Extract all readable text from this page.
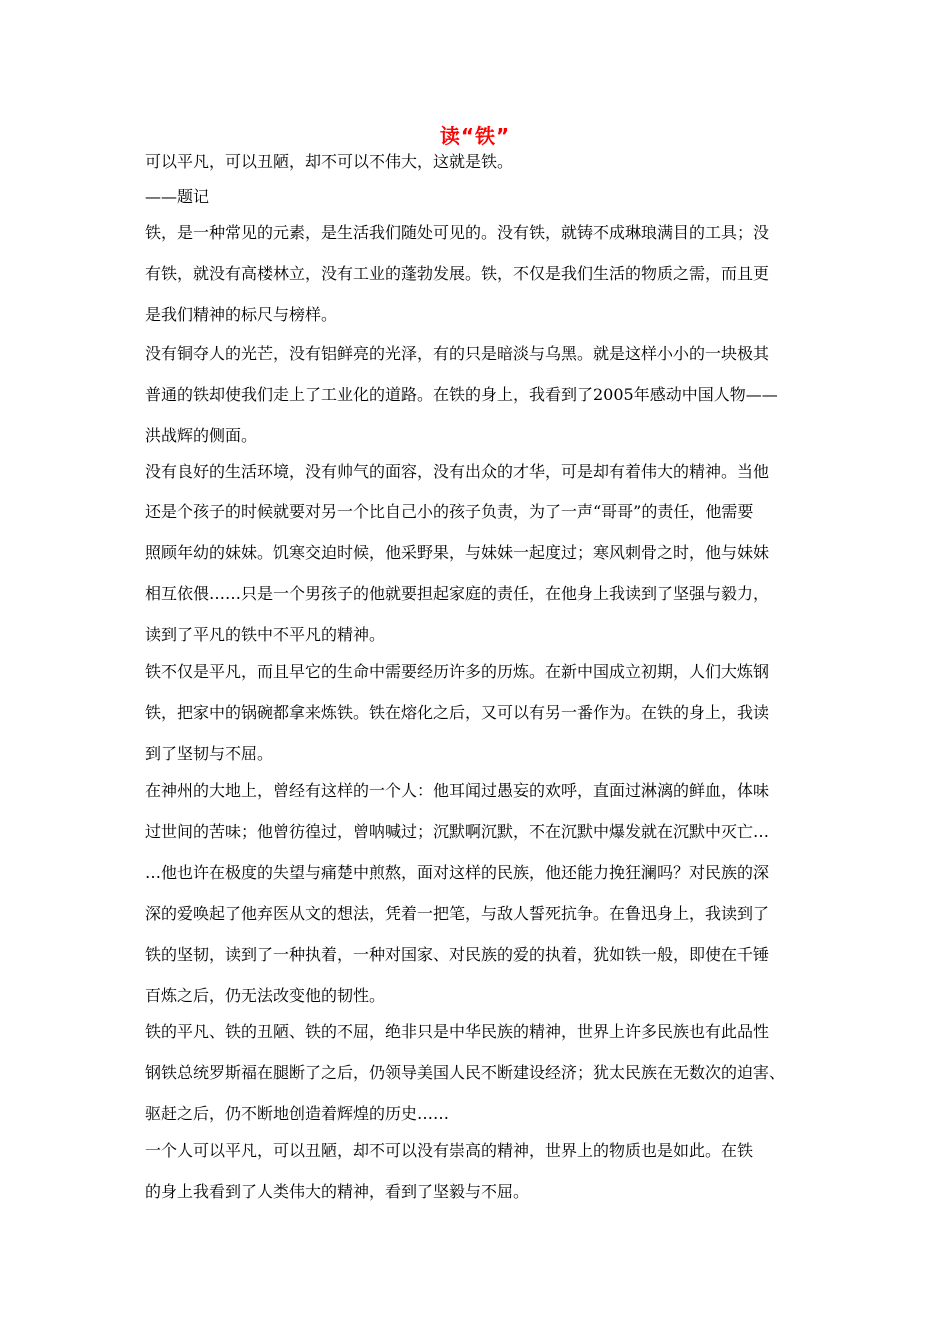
读“铁”
可以平凡，可以丑陋，却不可以不伟大，这就是铁。
——题记
铁，是一种常见的元素，是生活我们随处可见的。没有铁，就铸不成琳琅满目的工具；没
有铁，就没有高楼林立，没有工业的蓬勃发展。铁，不仅是我们生活的物质之需，而且更
是我们精神的标尺与榜样。
没有铜夺人的光芒，没有铝鲜亮的光泽，有的只是暗淡与乌黑。就是这样小小的一块极其
普通的铁却使我们走上了工业化的道路。在铁的身上，我看到了2005年感动中国人物——
洪战辉的侧面。
没有良好的生活环境，没有帅气的面容，没有出众的才华，可是却有着伟大的精神。当他
还是个孩子的时候就要对另一个比自己小的孩子负责，为了一声“哥哥”的责任，他需要
照顾年幼的妹妹。饥寒交迫时候，他采野果，与妹妹一起度过；寒风刺骨之时，他与妹妹
相互依偎……只是一个男孩子的他就要担起家庭的责任，在他身上我读到了坚强与毅力，
读到了平凡的铁中不平凡的精神。
铁不仅是平凡，而且早它的生命中需要经历许多的历炼。在新中国成立初期，人们大炼钢
铁，把家中的锅碗都拿来炼铁。铁在熔化之后，又可以有另一番作为。在铁的身上，我读
到了坚韧与不屈。
在神州的大地上，曾经有这样的一个人：他耳闻过愚妄的欢呼，直面过淋漓的鲜血，体味
过世间的苦味；他曾彷徨过，曾呐喊过；沉默啊沉默，不在沉默中爆发就在沉默中灭亡…
…他也许在极度的失望与痛楚中煎熬，面对这样的民族，他还能力挽狂澜吗？对民族的深
深的爱唤起了他弃医从文的想法，凭着一把笔，与敌人誓死抗争。在鲁迅身上，我读到了
铁的坚韧，读到了一种执着，一种对国家、对民族的爱的执着，犹如铁一般，即使在千锤
百炼之后，仍无法改变他的韧性。
铁的平凡、铁的丑陋、铁的不屈，绝非只是中华民族的精神，世界上许多民族也有此品性
钢铁总统罗斯福在腿断了之后，仍领导美国人民不断建设经济；犹太民族在无数次的迫害、
驱赶之后，仍不断地创造着辉煌的历史……
一个人可以平凡，可以丑陋，却不可以没有崇高的精神，世界上的物质也是如此。在铁
的身上我看到了人类伟大的精神，看到了坚毅与不屈。
